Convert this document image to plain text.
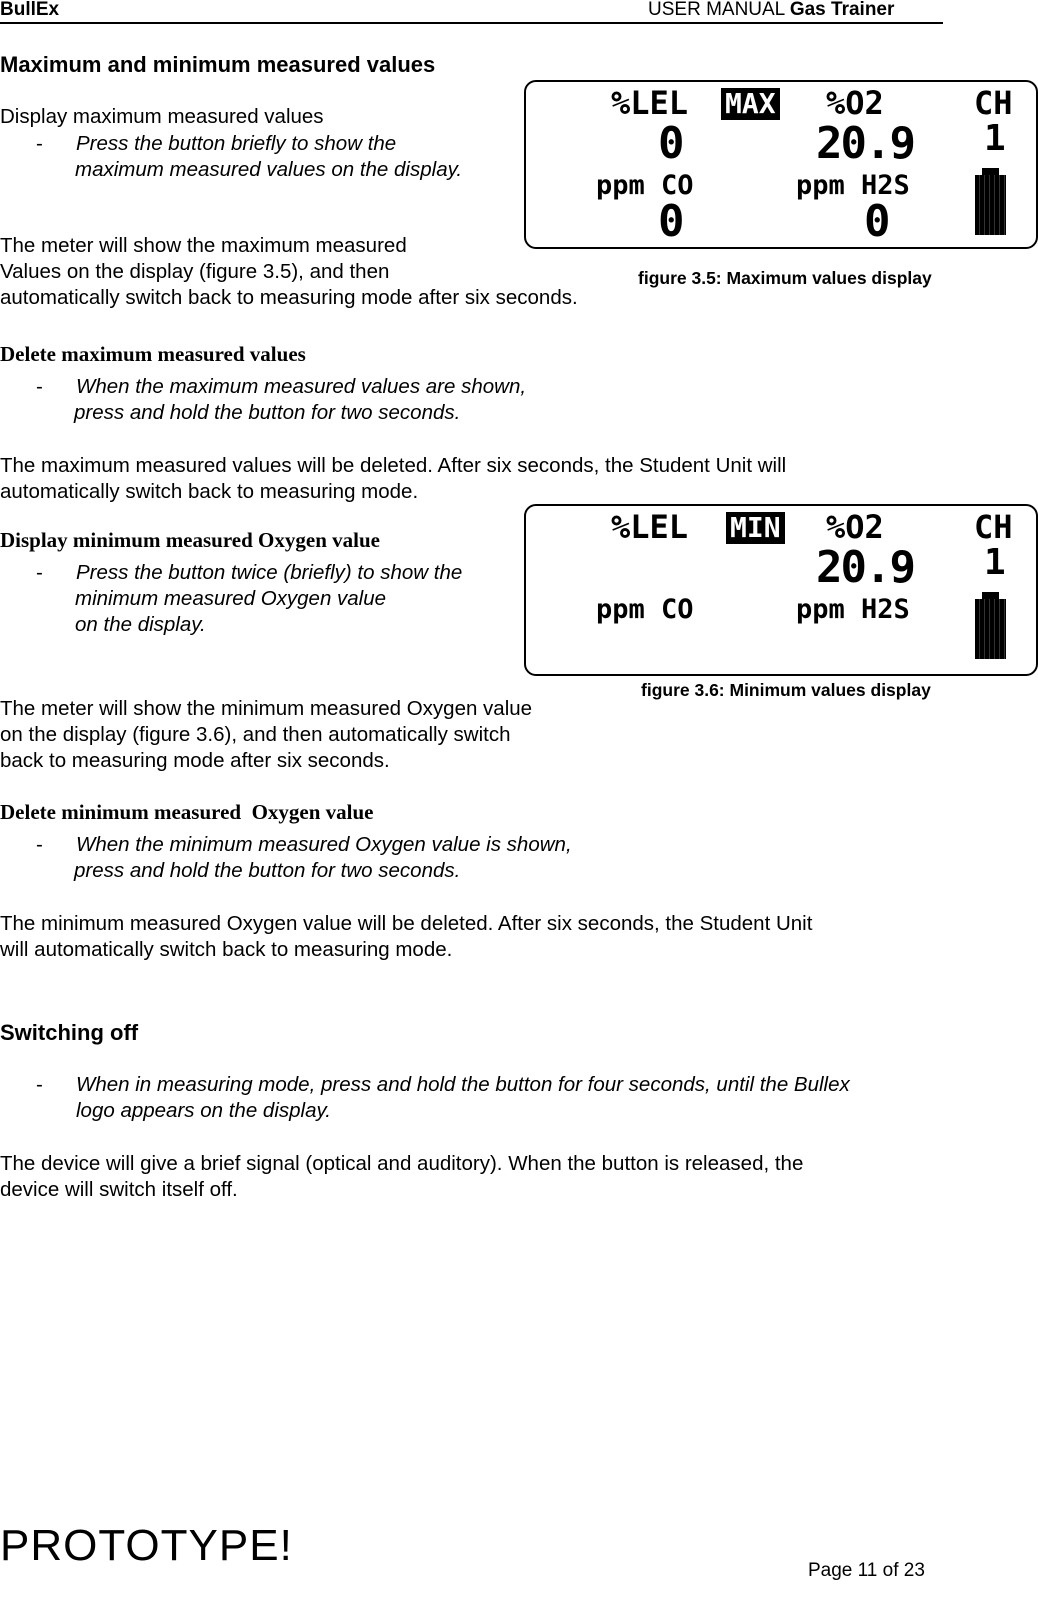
BullEx	USER MANUAL Gas Trainer
Maximum and minimum measured values
Display maximum measured values
- Press the button briefly to show the
maximum measured values on the display.
The meter will show the maximum measured
Values on the display (figure 3.5), and then
automatically switch back to measuring mode after six seconds.
%LEL MAX %O2	CH
0	20.9 1
ppm CO	ppm H2S
0	0
figure 3.5: Maximum values display
Delete maximum measured values
- When the maximum measured values are shown,
press and hold the button for two seconds.
The maximum measured values will be deleted. After six seconds, the Student Unit will
automatically switch back to measuring mode.
Display minimum measured Oxygen value
- Press the button twice (briefly) to show the
minimum measured Oxygen value
on the display.
%LEL MIN %O2	CH
20.9 1
ppm CO	ppm H2S
figure 3.6: Minimum values display
The meter will show the minimum measured Oxygen value
on the display (figure 3.6), and then automatically switch
back to measuring mode after six seconds.
Delete minimum measured  Oxygen value
- When the minimum measured Oxygen value is shown,
press and hold the button for two seconds.
The minimum measured Oxygen value will be deleted. After six seconds, the Student Unit
will automatically switch back to measuring mode.
Switching off
- When in measuring mode, press and hold the button for four seconds, until the Bullex
logo appears on the display.
The device will give a brief signal (optical and auditory). When the button is released, the
device will switch itself off.
PROTOTYPE!
Page 11 of 23
